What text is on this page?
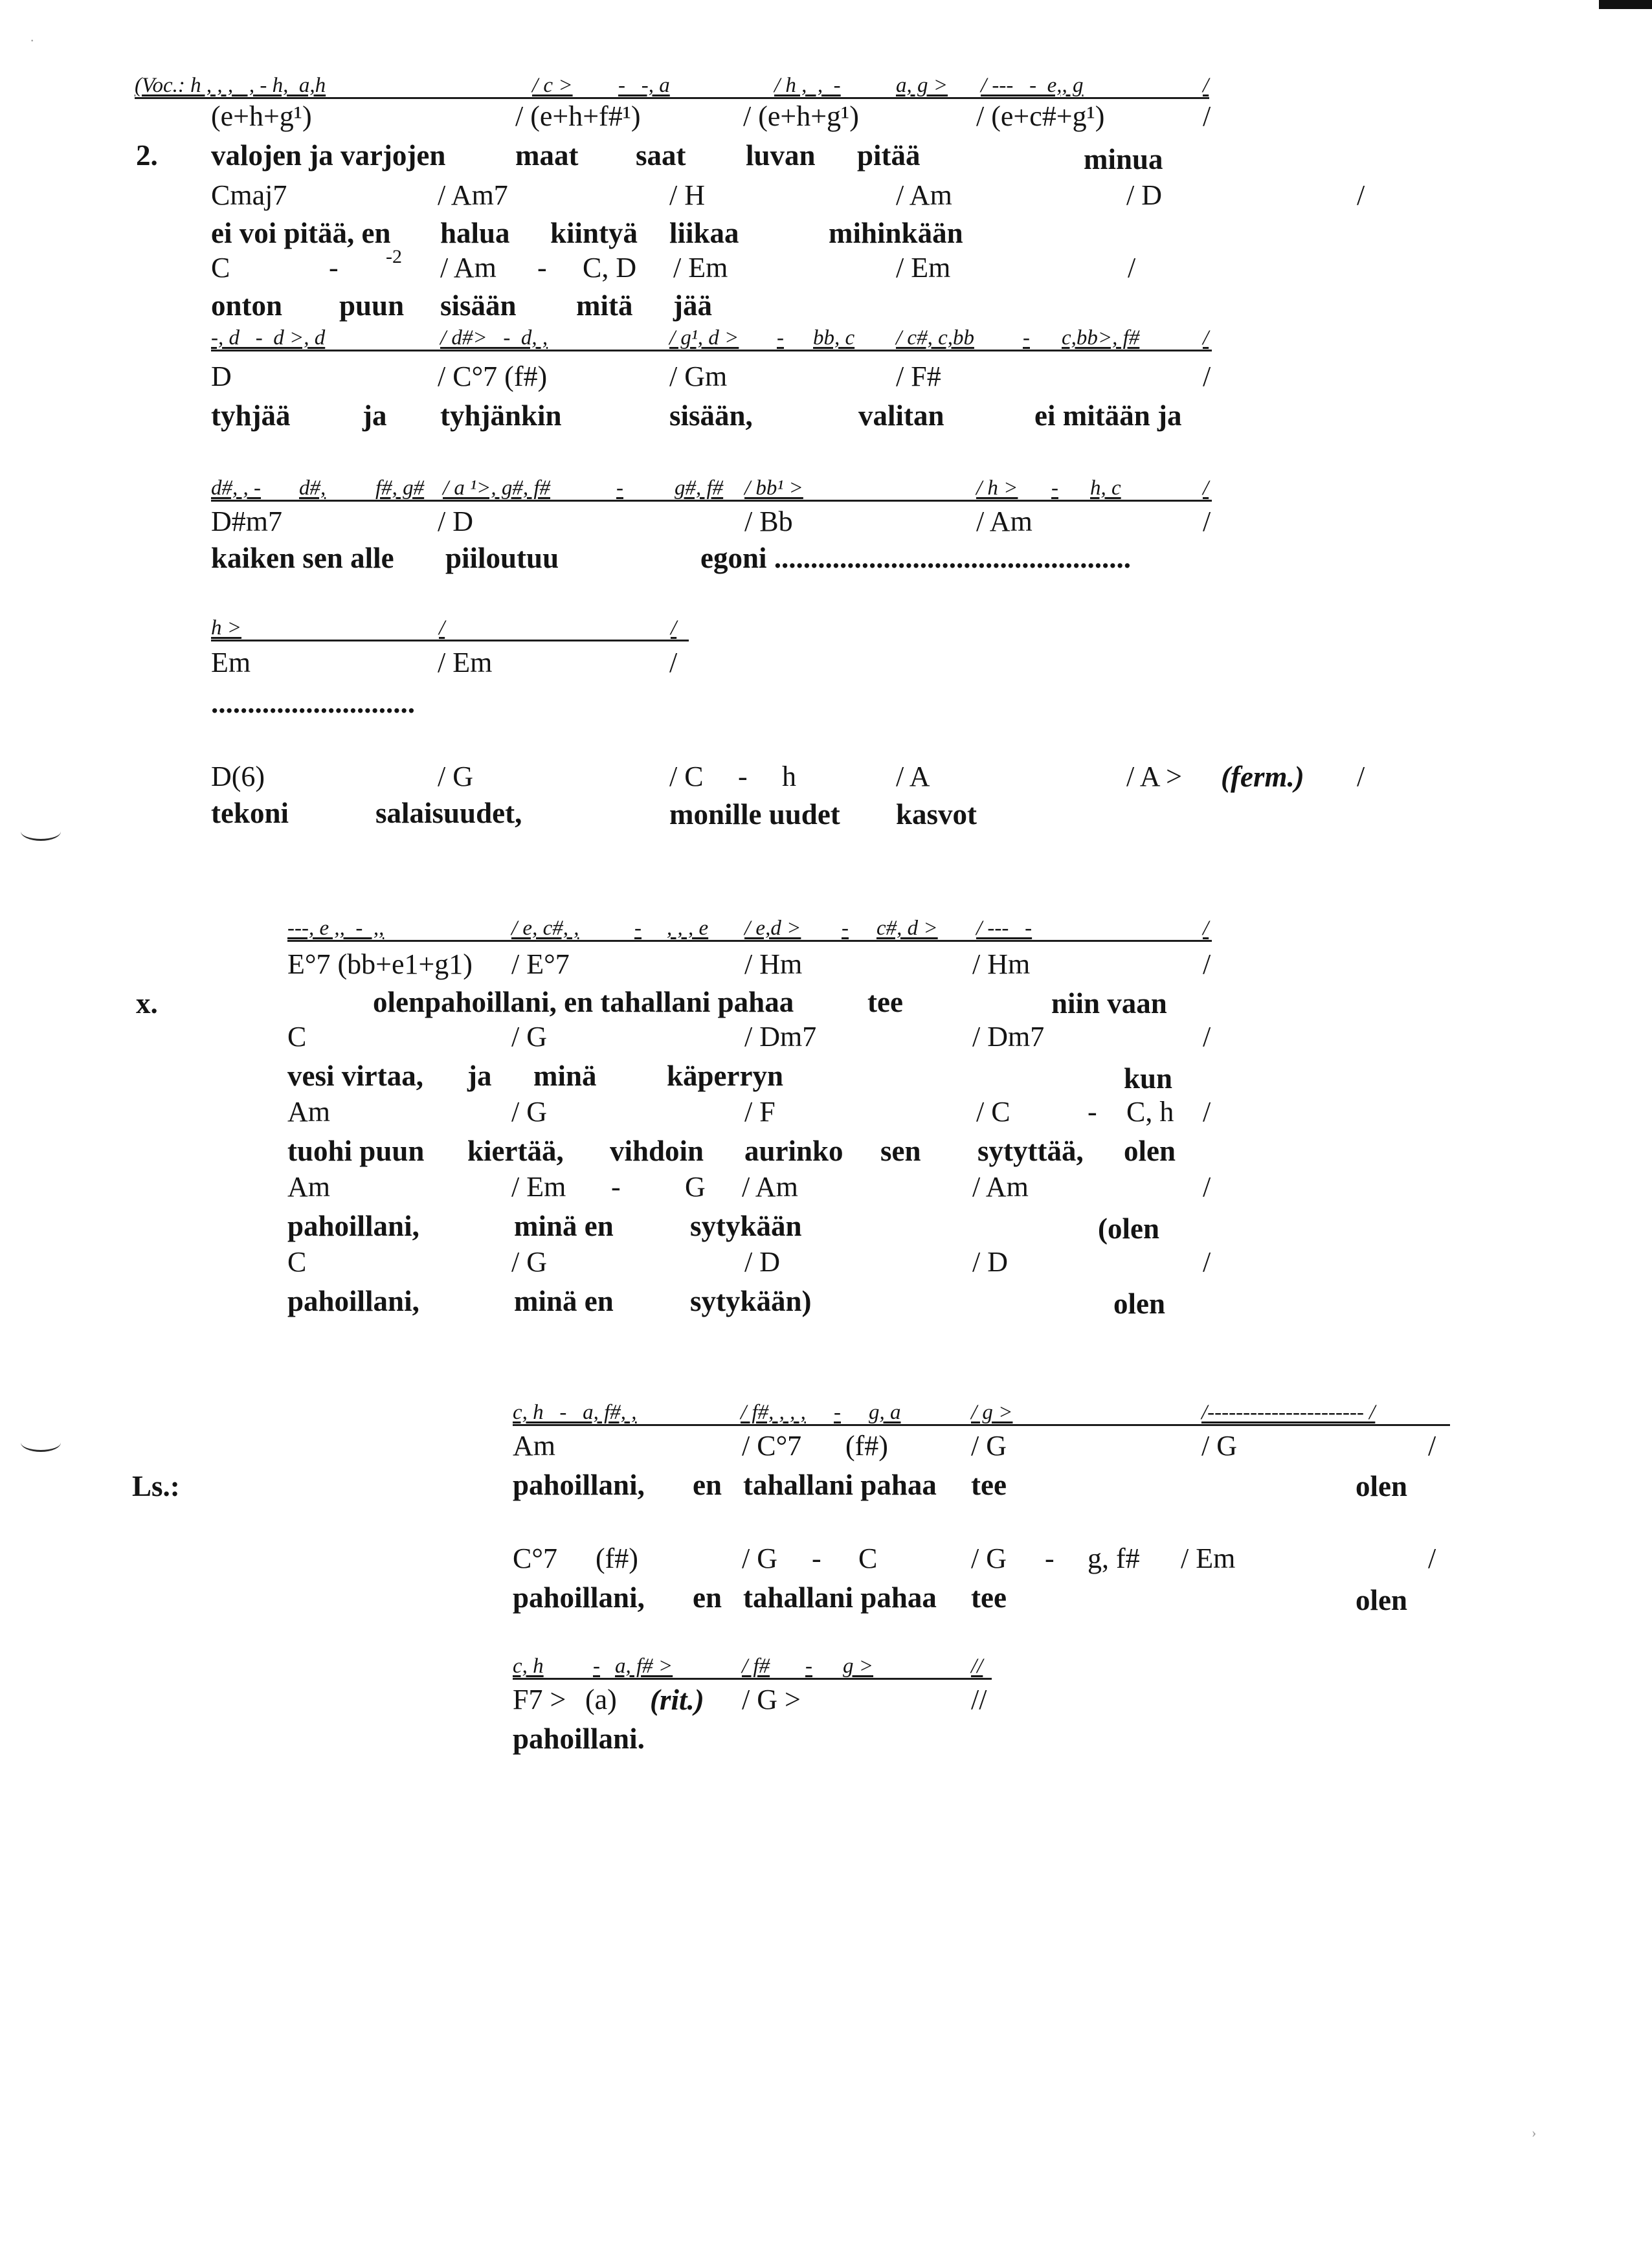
·
›
(Voc.: h , , ,   , - h,  a,h	/ c > -   -, a	/ h ,  ,  -	a, g > / ---   -  e,, g	/
(e+h+g¹)	/ (e+h+f#¹)	/ (e+h+g¹)	/ (e+c#+g¹)	/
2. valojen ja varjojen maat saat luvan pitää	minua
Cmaj7	/ Am7	/ H	/ Am	/ D	/
ei voi pitää, en halua kiintyä liikaa	mihinkään
C	- -2 / Am - C, D / Em	/ Em	/
onton puun sisään mitä jää
-, d   -  d >, d	/ d#>   -  d, ,	/ g¹, d > - bb, c / c#, c,bb - c,bb>, f#	/
D	/ C°7 (f#)	/ Gm	/ F#	/
tyhjää ja tyhjänkin	sisään,	valitan	ei mitään ja
d#, , - d#, f#, g# / a ¹>, g#, f#	- g#, f# / bb¹ >	/ h > - h, c	/
D#m7	/ D	/ Bb	/ Am	/
kaiken sen alle piiloutuu	egoni .................................................
h >	/	/
Em	/ Em	/
............................
D(6)	/ G	/ C - h	/ A	/ A > (ferm.) /
tekoni	salaisuudet,	monille uudet kasvot
---, e ,,  -  ,,	/ e, c#, ,	- , , , e / e,d > - c#, d > / ---   -	/
E°7 (bb+e1+g1) / E°7	/ Hm	/ Hm	/
x.	olen pahoillani, en tahallani pahaa	tee	niin vaan
C	/ G	/ Dm7	/ Dm7	/
vesi virtaa, ja minä käperryn	kun
Am	/ G	/ F	/ C	- C, h /
tuohi puun kiertää, vihdoin aurinko sen sytyttää, olen
Am	/ Em - G / Am	/ Am	/
pahoillani,	minä en	sytykään	(olen
C	/ G	/ D	/ D	/
pahoillani,	minä en	sytykään)	olen
c, h   -   a, f#, ,	/ f#, , , , - g, a	/ g >	/---------------------- /
Am	/ C°7 (f#)	/ G	/ G	/
Ls.:	pahoillani, en tahallani pahaa tee	olen
C°7 (f#)	/ G - C	/ G - g, f# / Em	/
pahoillani, en tahallani pahaa tee	olen
c, h - a, f# >	/ f# - g >	//
F7 > (a) (rit.) / G >	//
pahoillani.
